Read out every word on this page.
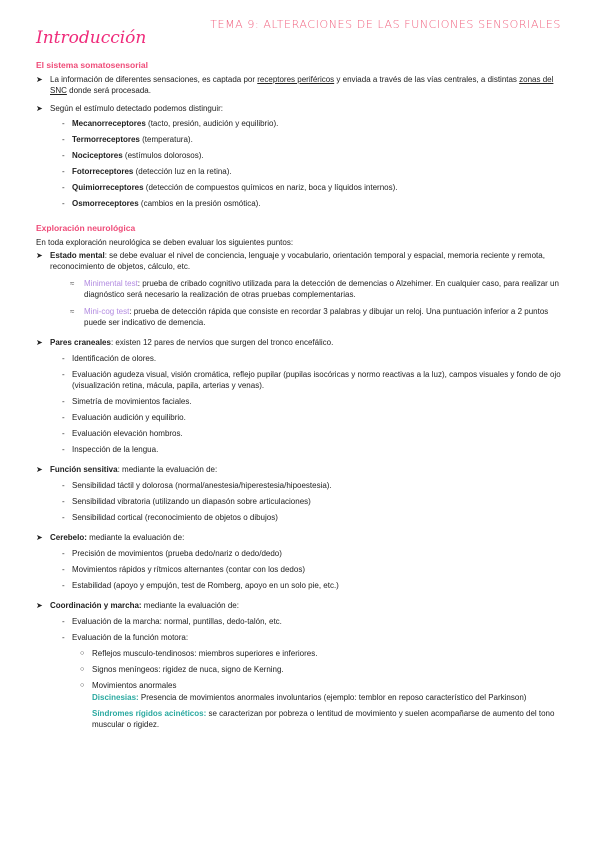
TEMA 9: ALTERACIONES DE LAS FUNCIONES SENSORIALES
Introducción
El sistema somatosensorial
➤ La información de diferentes sensaciones, es captada por receptores periféricos y enviada a través de las vías centrales, a distintas zonas del SNC donde será procesada.
➤ Según el estímulo detectado podemos distinguir:
- Mecanorreceptores (tacto, presión, audición y equilibrio).
- Termorreceptores (temperatura).
- Nociceptores (estímulos dolorosos).
- Fotorreceptores (detección luz en la retina).
- Quimiorreceptores (detección de compuestos químicos en nariz, boca y líquidos internos).
- Osmorreceptores (cambios en la presión osmótica).
Exploración neurológica
En toda exploración neurológica se deben evaluar los siguientes puntos:
➤ Estado mental: se debe evaluar el nivel de conciencia, lenguaje y vocabulario, orientación temporal y espacial, memoria reciente y remota, reconocimiento de objetos, cálculo, etc.
≈ Minimental test: prueba de cribado cognitivo utilizada para la detección de demencias o Alzehimer. En cualquier caso, para realizar un diagnóstico será necesario la realización de otras pruebas complementarias.
≈ Mini-cog test: prueba de detección rápida que consiste en recordar 3 palabras y dibujar un reloj. Una puntuación inferior a 2 puntos puede ser indicativo de demencia.
➤ Pares craneales: existen 12 pares de nervios que surgen del tronco encefálico.
- Identificación de olores.
- Evaluación agudeza visual, visión cromática, reflejo pupilar (pupilas isocóricas y normo reactivas a la luz), campos visuales y fondo de ojo (visualización retina, mácula, papila, arterias y venas).
- Simetría de movimientos faciales.
- Evaluación audición y equilibrio.
- Evaluación elevación hombros.
- Inspección de la lengua.
➤ Función sensitiva: mediante la evaluación de:
- Sensibilidad táctil y dolorosa (normal/anestesia/hiperestesia/hipoestesia).
- Sensibilidad vibratoria (utilizando un diapasón sobre articulaciones)
- Sensibilidad cortical (reconocimiento de objetos o dibujos)
➤ Cerebelo: mediante la evaluación de:
- Precisión de movimientos (prueba dedo/nariz o dedo/dedo)
- Movimientos rápidos y rítmicos alternantes (contar con los dedos)
- Estabilidad (apoyo y empujón, test de Romberg, apoyo en un solo pie, etc.)
➤ Coordinación y marcha: mediante la evaluación de:
- Evaluación de la marcha: normal, puntillas, dedo-talón, etc.
- Evaluación de la función motora:
○ Reflejos musculo-tendinosos: miembros superiores e inferiores.
○ Signos meníngeos: rigidez de nuca, signo de Kerning.
○ Movimientos anormales
Discinesias: Presencia de movimientos anormales involuntarios (ejemplo: temblor en reposo característico del Parkinson)
Síndromes rígidos acinéticos: se caracterizan por pobreza o lentitud de movimiento y suelen acompañarse de aumento del tono muscular o rigidez.
